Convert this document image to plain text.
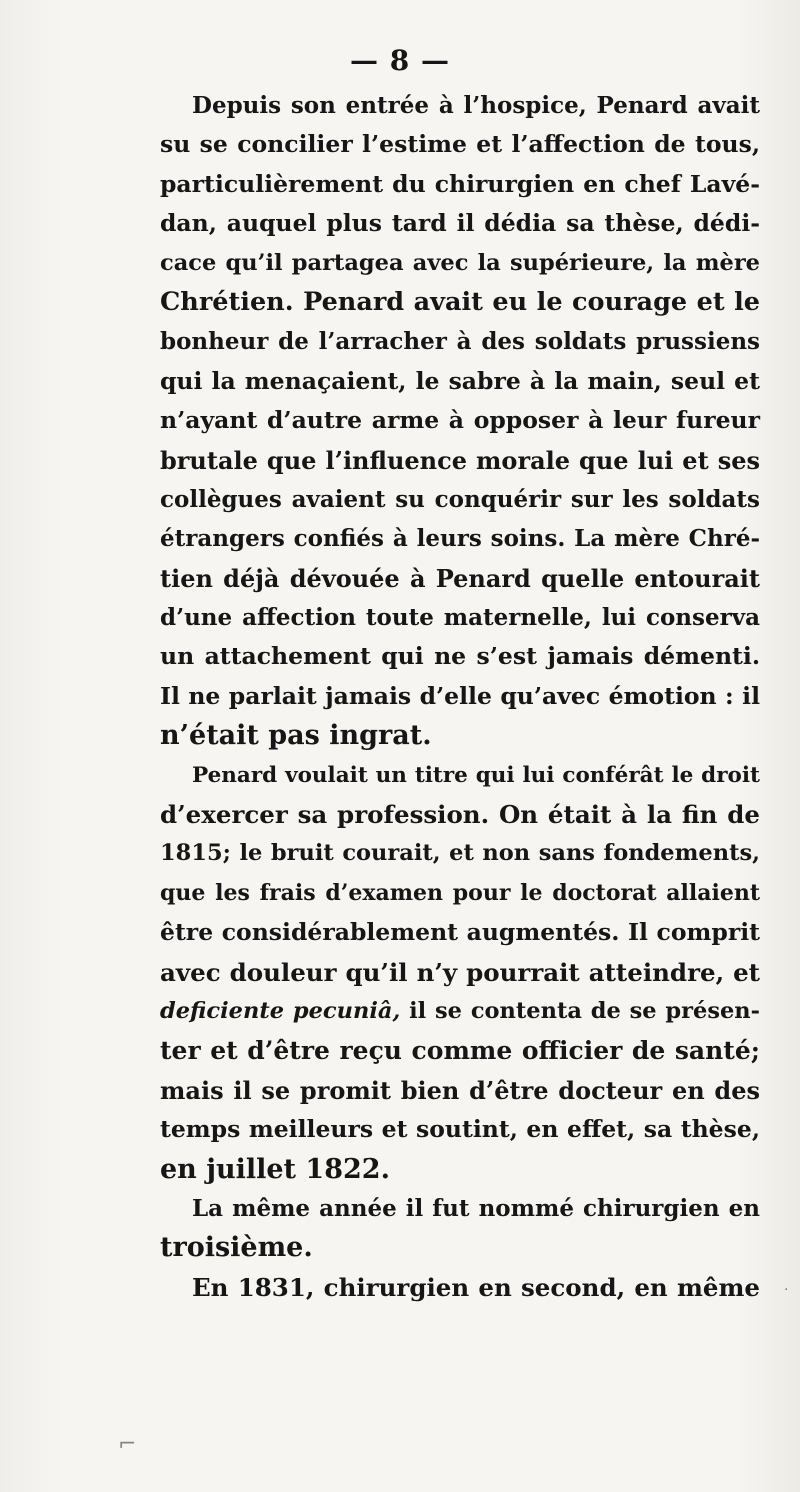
— 8 —
Depuis son entrée à l’hospice, Penard avait
su se concilier l’estime et l’affection de tous,
particulièrement du chirurgien en chef Lavé-
dan, auquel plus tard il dédia sa thèse, dédi-
cace qu’il partagea avec la supérieure, la mère
Chrétien. Penard avait eu le courage et le
bonheur de l’arracher à des soldats prussiens
qui la menaçaient, le sabre à la main, seul et
n’ayant d’autre arme à opposer à leur fureur
brutale que l’influence morale que lui et ses
collègues avaient su conquérir sur les soldats
étrangers confiés à leurs soins. La mère Chré-
tien déjà dévouée à Penard quelle entourait
d’une affection toute maternelle, lui conserva
un attachement qui ne s’est jamais démenti.
Il ne parlait jamais d’elle qu’avec émotion : il
n’était pas ingrat.
Penard voulait un titre qui lui conférât le droit
d’exercer sa profession. On était à la fin de
1815; le bruit courait, et non sans fondements,
que les frais d’examen pour le doctorat allaient
être considérablement augmentés. Il comprit
avec douleur qu’il n’y pourrait atteindre, et
deficiente pecuniâ, il se contenta de se présen-
ter et d’être reçu comme officier de santé;
mais il se promit bien d’être docteur en des
temps meilleurs et soutint, en effet, sa thèse,
en juillet 1822.
La même année il fut nommé chirurgien en
troisième.
En 1831, chirurgien en second, en même
⌐
·
